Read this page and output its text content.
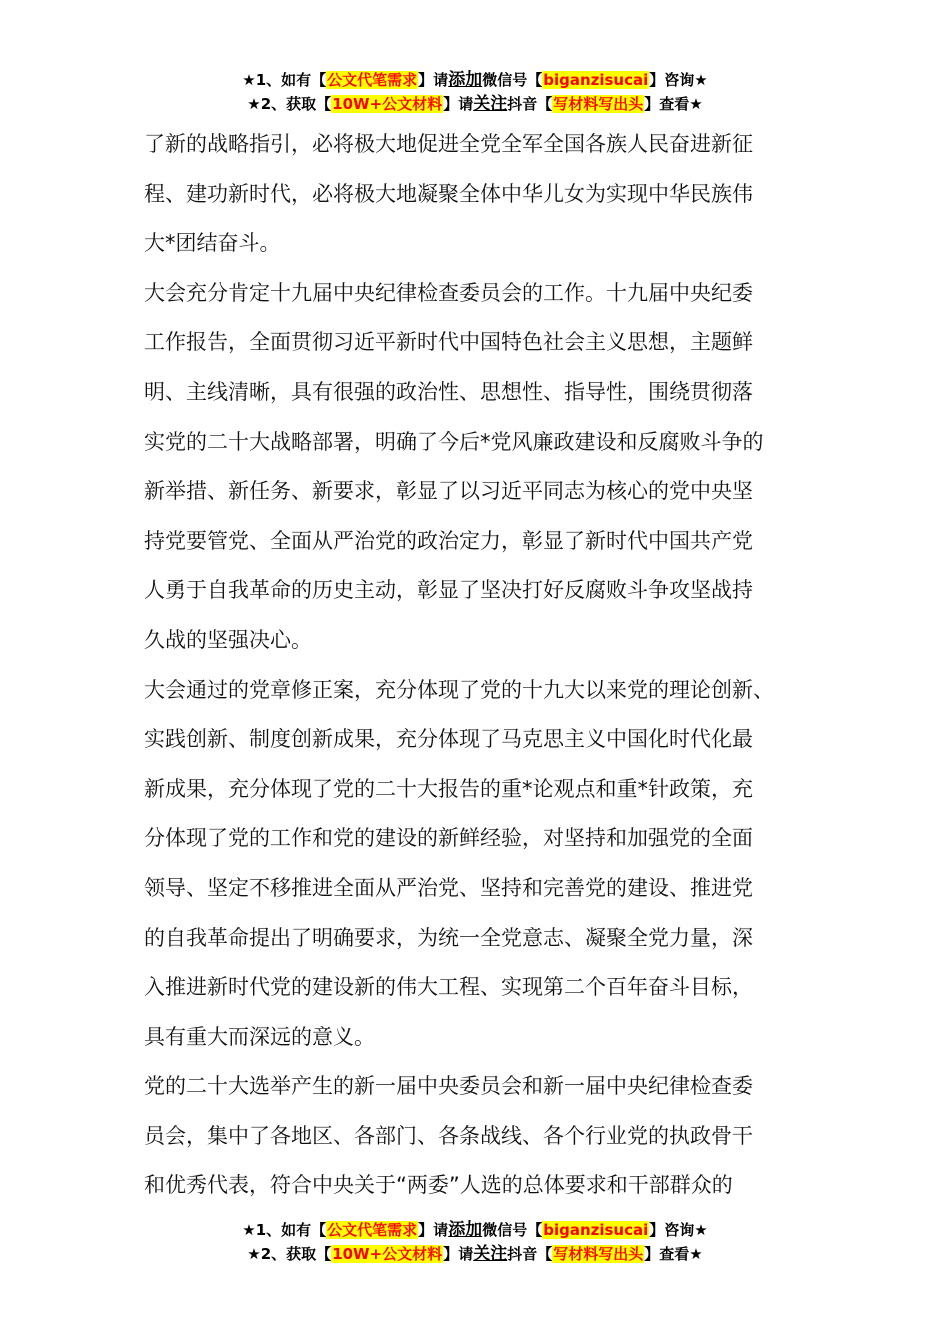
★1、如有【公文代笔需求】请添加微信号【biganzisucai】咨询★
★2、获取【10W+公文材料】请关注抖音【写材料写出头】查看★
了新的战略指引，必将极大地促进全党全军全国各族人民奋进新征
程、建功新时代，必将极大地凝聚全体中华儿女为实现中华民族伟
大*团结奋斗。
大会充分肯定十九届中央纪律检查委员会的工作。十九届中央纪委
工作报告，全面贯彻习近平新时代中国特色社会主义思想，主题鲜
明、主线清晰，具有很强的政治性、思想性、指导性，围绕贯彻落
实党的二十大战略部署，明确了今后*党风廉政建设和反腐败斗争的
新举措、新任务、新要求，彰显了以习近平同志为核心的党中央坚
持党要管党、全面从严治党的政治定力，彰显了新时代中国共产党
人勇于自我革命的历史主动，彰显了坚决打好反腐败斗争攻坚战持
久战的坚强决心。
大会通过的党章修正案，充分体现了党的十九大以来党的理论创新、
实践创新、制度创新成果，充分体现了马克思主义中国化时代化最
新成果，充分体现了党的二十大报告的重*论观点和重*针政策，充
分体现了党的工作和党的建设的新鲜经验，对坚持和加强党的全面
领导、坚定不移推进全面从严治党、坚持和完善党的建设、推进党
的自我革命提出了明确要求，为统一全党意志、凝聚全党力量，深
入推进新时代党的建设新的伟大工程、实现第二个百年奋斗目标，
具有重大而深远的意义。
党的二十大选举产生的新一届中央委员会和新一届中央纪律检查委
员会，集中了各地区、各部门、各条战线、各个行业党的执政骨干
和优秀代表，符合中央关于“两委”人选的总体要求和干部群众的
★1、如有【公文代笔需求】请添加微信号【biganzisucai】咨询★
★2、获取【10W+公文材料】请关注抖音【写材料写出头】查看★
